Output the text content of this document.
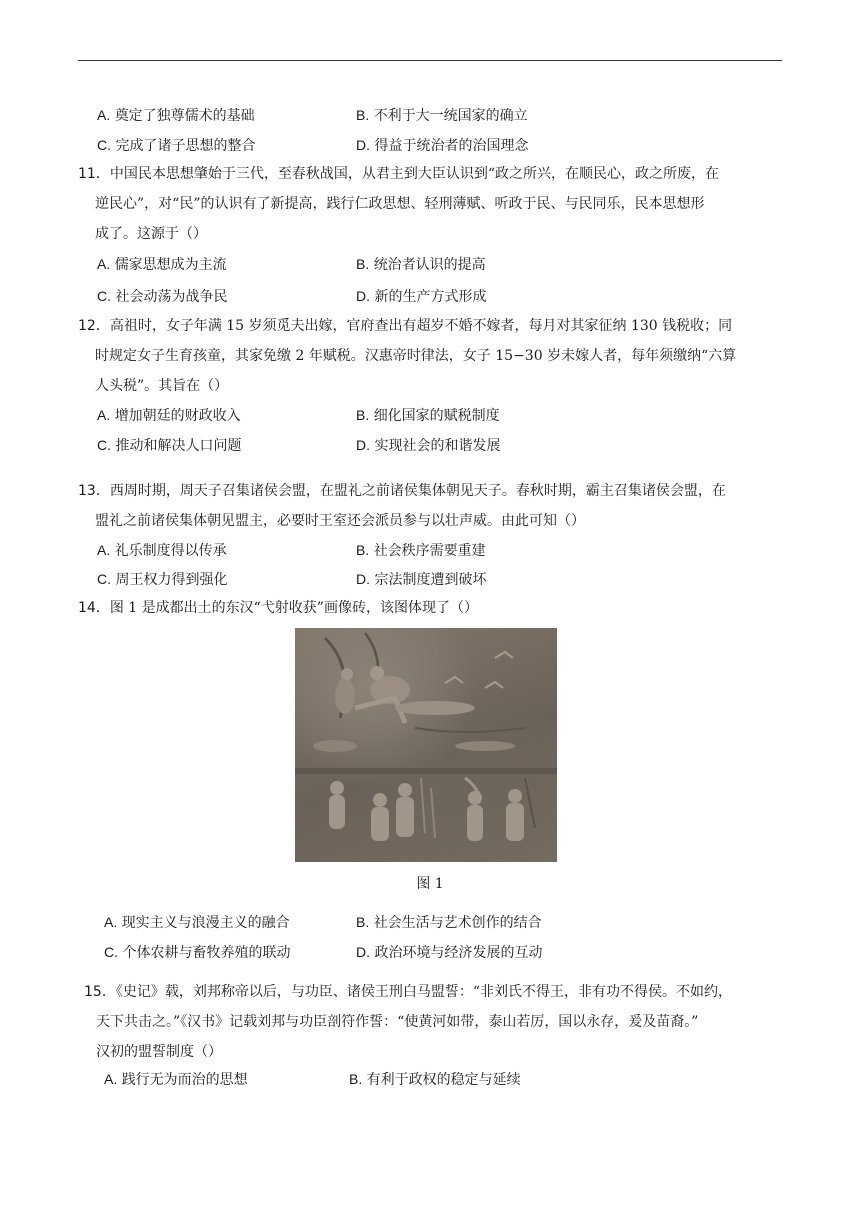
A. 奠定了独尊儒术的基础	B. 不利于大一统国家的确立
C. 完成了诸子思想的整合	D. 得益于统治者的治国理念
11．中国民本思想肇始于三代，至春秋战国，从君主到大臣认识到“政之所兴，在顺民心，政之所废，在
逆民心”，对“民”的认识有了新提高，践行仁政思想、轻刑薄赋、听政于民、与民同乐，民本思想形
成了。这源于（）
A. 儒家思想成为主流	B. 统治者认识的提高
C. 社会动荡为战争民	D. 新的生产方式形成
12．高祖时，女子年满 15 岁须觅夫出嫁，官府查出有超岁不婚不嫁者，每月对其家征纳 130 钱税收；同
时规定女子生育孩童，其家免缴 2 年赋税。汉惠帝时律法，女子 15−30 岁未嫁人者，每年须缴纳“六算
人头税”。其旨在（）
A. 增加朝廷的财政收入	B. 细化国家的赋税制度
C. 推动和解决人口问题	D. 实现社会的和谐发展
13．西周时期，周天子召集诸侯会盟，在盟礼之前诸侯集体朝见天子。春秋时期，霸主召集诸侯会盟，在
盟礼之前诸侯集体朝见盟主，必要时王室还会派员参与以壮声威。由此可知（）
A. 礼乐制度得以传承	B. 社会秩序需要重建
C. 周王权力得到强化	D. 宗法制度遭到破坏
14．图 1 是成都出土的东汉“弋射收获”画像砖，该图体现了（）
图 1
A. 现实主义与浪漫主义的融合	B. 社会生活与艺术创作的结合
C. 个体农耕与畜牧养殖的联动	D. 政治环境与经济发展的互动
15．《史记》载，刘邦称帝以后，与功臣、诸侯王刑白马盟誓：“非刘氏不得王，非有功不得侯。不如约，
天下共击之。”《汉书》记载刘邦与功臣剖符作誓：“使黄河如带，泰山若厉，国以永存，爰及苗裔。”
汉初的盟誓制度（）
A. 践行无为而治的思想	B. 有利于政权的稳定与延续
